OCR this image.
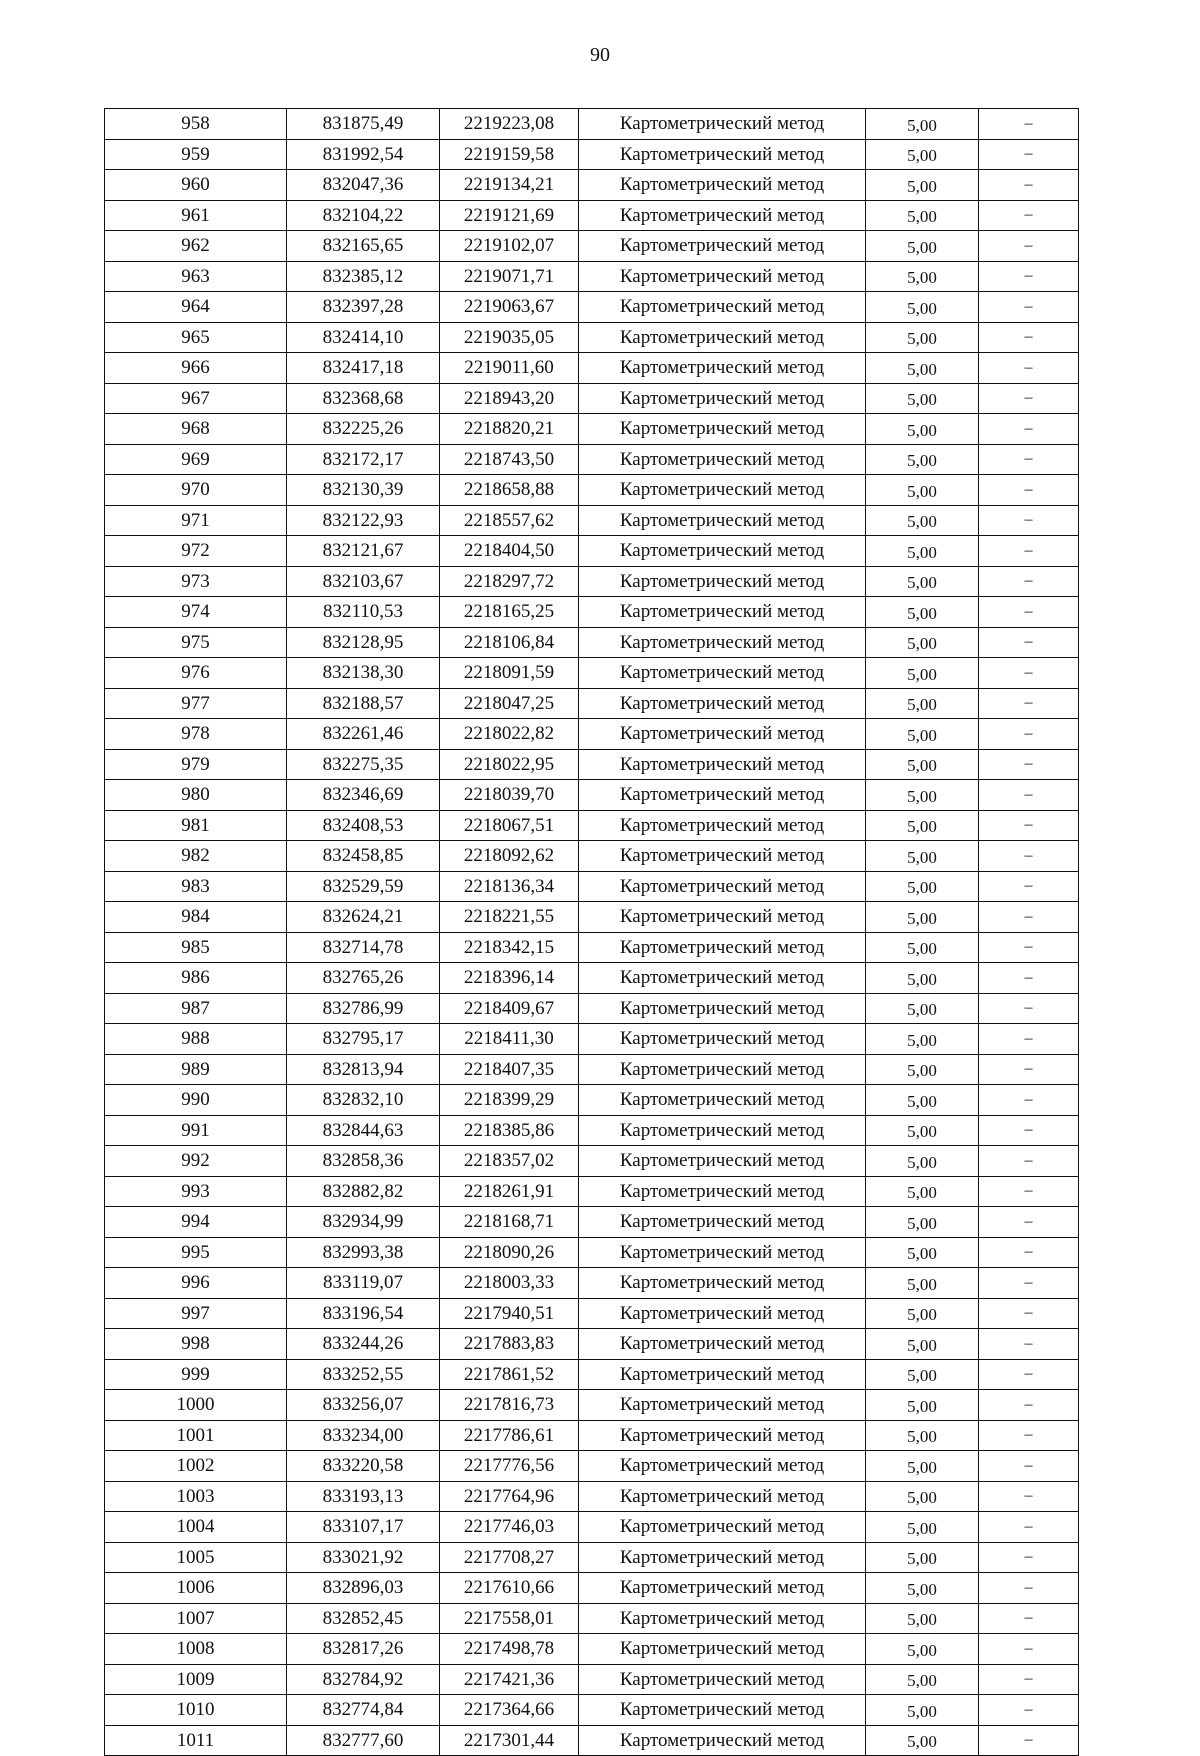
90
958	831875,49	2219223,08	Картометрический метод	5,00	–
959	831992,54	2219159,58	Картометрический метод	5,00	–
960	832047,36	2219134,21	Картометрический метод	5,00	–
961	832104,22	2219121,69	Картометрический метод	5,00	–
962	832165,65	2219102,07	Картометрический метод	5,00	–
963	832385,12	2219071,71	Картометрический метод	5,00	–
964	832397,28	2219063,67	Картометрический метод	5,00	–
965	832414,10	2219035,05	Картометрический метод	5,00	–
966	832417,18	2219011,60	Картометрический метод	5,00	–
967	832368,68	2218943,20	Картометрический метод	5,00	–
968	832225,26	2218820,21	Картометрический метод	5,00	–
969	832172,17	2218743,50	Картометрический метод	5,00	–
970	832130,39	2218658,88	Картометрический метод	5,00	–
971	832122,93	2218557,62	Картометрический метод	5,00	–
972	832121,67	2218404,50	Картометрический метод	5,00	–
973	832103,67	2218297,72	Картометрический метод	5,00	–
974	832110,53	2218165,25	Картометрический метод	5,00	–
975	832128,95	2218106,84	Картометрический метод	5,00	–
976	832138,30	2218091,59	Картометрический метод	5,00	–
977	832188,57	2218047,25	Картометрический метод	5,00	–
978	832261,46	2218022,82	Картометрический метод	5,00	–
979	832275,35	2218022,95	Картометрический метод	5,00	–
980	832346,69	2218039,70	Картометрический метод	5,00	–
981	832408,53	2218067,51	Картометрический метод	5,00	–
982	832458,85	2218092,62	Картометрический метод	5,00	–
983	832529,59	2218136,34	Картометрический метод	5,00	–
984	832624,21	2218221,55	Картометрический метод	5,00	–
985	832714,78	2218342,15	Картометрический метод	5,00	–
986	832765,26	2218396,14	Картометрический метод	5,00	–
987	832786,99	2218409,67	Картометрический метод	5,00	–
988	832795,17	2218411,30	Картометрический метод	5,00	–
989	832813,94	2218407,35	Картометрический метод	5,00	–
990	832832,10	2218399,29	Картометрический метод	5,00	–
991	832844,63	2218385,86	Картометрический метод	5,00	–
992	832858,36	2218357,02	Картометрический метод	5,00	–
993	832882,82	2218261,91	Картометрический метод	5,00	–
994	832934,99	2218168,71	Картометрический метод	5,00	–
995	832993,38	2218090,26	Картометрический метод	5,00	–
996	833119,07	2218003,33	Картометрический метод	5,00	–
997	833196,54	2217940,51	Картометрический метод	5,00	–
998	833244,26	2217883,83	Картометрический метод	5,00	–
999	833252,55	2217861,52	Картометрический метод	5,00	–
1000	833256,07	2217816,73	Картометрический метод	5,00	–
1001	833234,00	2217786,61	Картометрический метод	5,00	–
1002	833220,58	2217776,56	Картометрический метод	5,00	–
1003	833193,13	2217764,96	Картометрический метод	5,00	–
1004	833107,17	2217746,03	Картометрический метод	5,00	–
1005	833021,92	2217708,27	Картометрический метод	5,00	–
1006	832896,03	2217610,66	Картометрический метод	5,00	–
1007	832852,45	2217558,01	Картометрический метод	5,00	–
1008	832817,26	2217498,78	Картометрический метод	5,00	–
1009	832784,92	2217421,36	Картометрический метод	5,00	–
1010	832774,84	2217364,66	Картометрический метод	5,00	–
1011	832777,60	2217301,44	Картометрический метод	5,00	–
